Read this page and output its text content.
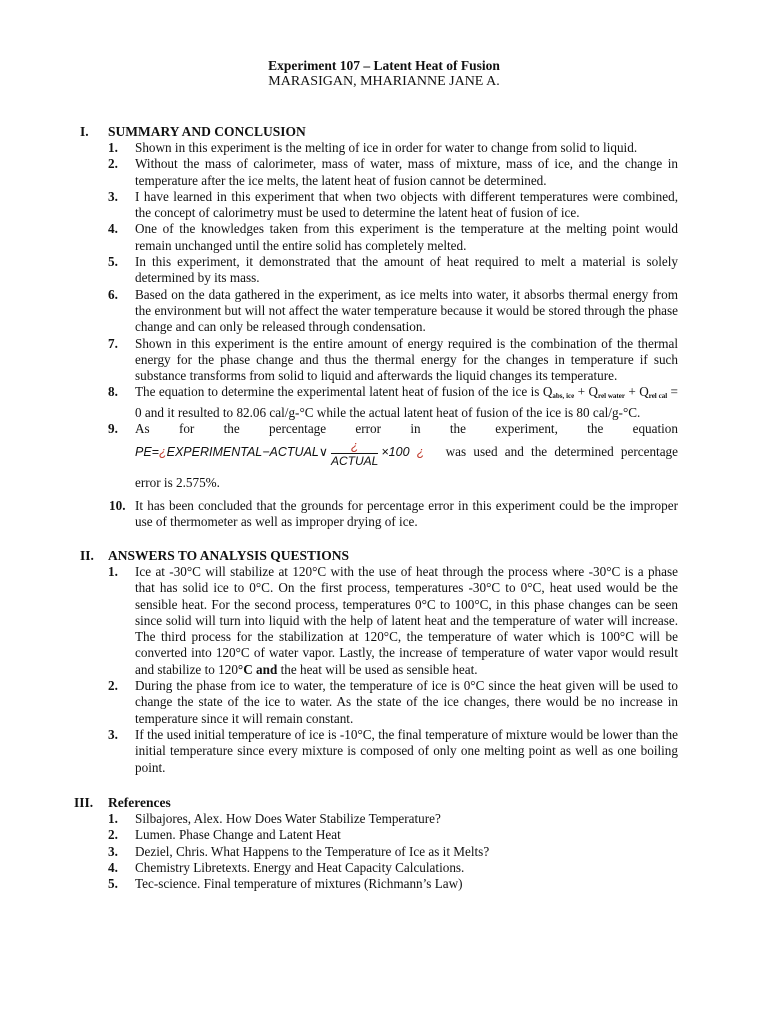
Experiment 107 – Latent Heat of Fusion
MARASIGAN, MHARIANNE JANE A.
I. SUMMARY AND CONCLUSION
1.	Shown in this experiment is the melting of ice in order for water to change from solid to liquid.
2.	Without the mass of calorimeter, mass of water, mass of mixture, mass of ice, and the change in temperature after the ice melts, the latent heat of fusion cannot be determined.
3.	I have learned in this experiment that when two objects with different temperatures were combined, the concept of calorimetry must be used to determine the latent heat of fusion of ice.
4.	One of the knowledges taken from this experiment is the temperature at the melting point would remain unchanged until the entire solid has completely melted.
5.	In this experiment, it demonstrated that the amount of heat required to melt a material is solely determined by its mass.
6.	Based on the data gathered in the experiment, as ice melts into water, it absorbs thermal energy from the environment but will not affect the water temperature because it would be stored through the phase change and can only be released through condensation.
7.	Shown in this experiment is the entire amount of energy required is the combination of the thermal energy for the phase change and thus the thermal energy for the changes in temperature if such substance transforms from solid to liquid and afterwards the liquid changes its temperature.
8.	The equation to determine the experimental latent heat of fusion of the ice is $Q_{abs, ice} + Q_{rel water} + Q_{rel cal} = 0$ and it resulted to 82.06 cal/g-°C while the actual latent heat of fusion of the ice is 80 cal/g-°C.
9.	As for the percentage error in the experiment, the equation
PE=¿EXPERIMENTAL−ACTUAL∨ $\frac{¿}{\text{ACTUAL}} \times 100$ ¿ was used and the determined percentage error is 2.575%.
10. It has been concluded that the grounds for percentage error in this experiment could be the improper use of thermometer as well as improper drying of ice.
II. ANSWERS TO ANALYSIS QUESTIONS
1.	Ice at -30°C will stabilize at 120°C with the use of heat through the process where -30°C is a phase that has solid ice to 0°C. On the first process, temperatures -30°C to 0°C, heat used would be the sensible heat. For the second process, temperatures 0°C to 100°C, in this phase changes can be seen since solid will turn into liquid with the help of latent heat and the temperature of water will increase. The third process for the stabilization at 120°C, the temperature of water which is 100°C will be converted into 120°C of water vapor. Lastly, the increase of temperature of water vapor would result and stabilize to 120°C and the heat will be used as sensible heat.
2.	During the phase from ice to water, the temperature of ice is 0°C since the heat given will be used to change the state of the ice to water. As the state of the ice changes, there would be no increase in temperature since it will remain constant.
3.	If the used initial temperature of ice is -10°C, the final temperature of mixture would be lower than the initial temperature since every mixture is composed of only one melting point as well as one boiling point.
III. References
1.	Silbajores, Alex. How Does Water Stabilize Temperature?
2.	Lumen. Phase Change and Latent Heat
3.	Deziel, Chris. What Happens to the Temperature of Ice as it Melts?
4.	Chemistry Libretexts. Energy and Heat Capacity Calculations.
5.	Tec-science. Final temperature of mixtures (Richmann’s Law)
